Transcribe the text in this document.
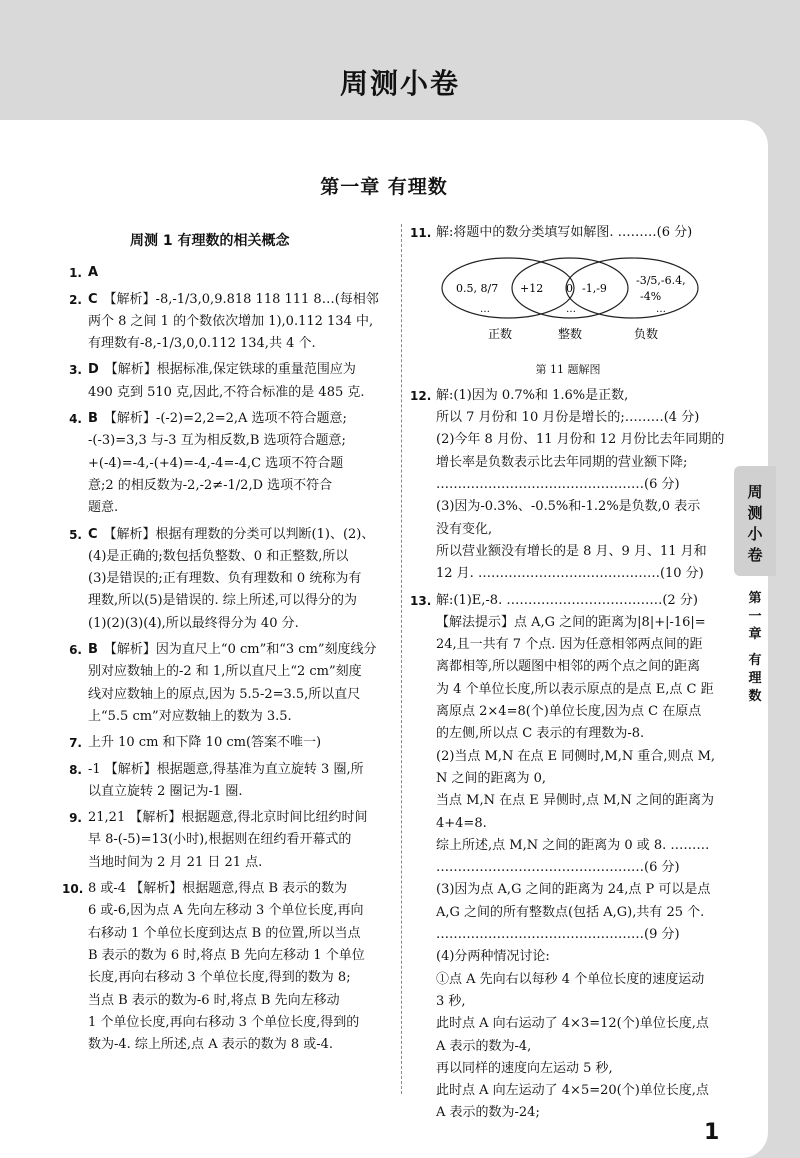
周测小卷
第一章 有理数
周测 1 有理数的相关概念
1. A
2. C 【解析】-8,-1/3,0,9.818 118 111 8…(每相邻

两个 8 之间 1 的个数依次增加 1),0.112 134 中,

有理数有-8,-1/3,0,0.112 134,共 4 个.

3. D 【解析】根据标准,保定铁球的重量范围应为

490 克到 510 克,因此,不符合标准的是 485 克.

4. B 【解析】-(-2)=2,2=2,A 选项不符合题意;

-(-3)=3,3 与-3 互为相反数,B 选项符合题意;

+(-4)=-4,-(+4)=-4,-4=-4,C 选项不符合题

意;2 的相反数为-2,-2≠-1/2,D 选项不符合

题意.

5. C 【解析】根据有理数的分类可以判断(1)、(2)、

(4)是正确的;数包括负整数、0 和正整数,所以

(3)是错误的;正有理数、负有理数和 0 统称为有

理数,所以(5)是错误的. 综上所述,可以得分的为

(1)(2)(3)(4),所以最终得分为 40 分.

6. B 【解析】因为直尺上“0 cm”和“3 cm”刻度线分

别对应数轴上的-2 和 1,所以直尺上“2 cm”刻度

线对应数轴上的原点,因为 5.5-2=3.5,所以直尺

上“5.5 cm”对应数轴上的数为 3.5.

7. 上升 10 cm 和下降 10 cm(答案不唯一)

8. -1 【解析】根据题意,得基准为直立旋转 3 圈,所

以直立旋转 2 圈记为-1 圈.

9. 21,21 【解析】根据题意,得北京时间比纽约时间

早 8-(-5)=13(小时),根据则在纽约看开幕式的

当地时间为 2 月 21 日 21 点.

10. 8 或-4 【解析】根据题意,得点 B 表示的数为

6 或-6,因为点 A 先向左移动 3 个单位长度,再向

右移动 1 个单位长度到达点 B 的位置,所以当点

B 表示的数为 6 时,将点 B 先向左移动 1 个单位

长度,再向右移动 3 个单位长度,得到的数为 8;

当点 B 表示的数为-6 时,将点 B 先向左移动

1 个单位长度,再向右移动 3 个单位长度,得到的

数为-4. 综上所述,点 A 表示的数为 8 或-4.

11. 解:将题中的数分类填写如解图. ………(6 分)

0.5, 8/7 +12 0 -1,-9
-3/5,-6.4,
-4%
…	…	…
正数	整数	负数
第 11 题解图
12. 解:(1)因为 0.7%和 1.6%是正数,

所以 7 月份和 10 月份是增长的;………(4 分)

(2)今年 8 月份、11 月份和 12 月份比去年同期的

增长率是负数表示比去年同期的营业额下降;

…………………………………………(6 分)

(3)因为-0.3%、-0.5%和-1.2%是负数,0 表示

没有变化,

所以营业额没有增长的是 8 月、9 月、11 月和

12 月. ……………………………………(10 分)

13. 解:(1)E,-8. ………………………………(2 分)

【解法提示】点 A,G 之间的距离为|8|+|-16|=

24,且一共有 7 个点. 因为任意相邻两点间的距

离都相等,所以题图中相邻的两个点之间的距离

为 4 个单位长度,所以表示原点的是点 E,点 C 距

离原点 2×4=8(个)单位长度,因为点 C 在原点

的左侧,所以点 C 表示的有理数为-8.

(2)当点 M,N 在点 E 同侧时,M,N 重合,则点 M,

N 之间的距离为 0,

当点 M,N 在点 E 异侧时,点 M,N 之间的距离为

4+4=8.

综上所述,点 M,N 之间的距离为 0 或 8. ………

…………………………………………(6 分)

(3)因为点 A,G 之间的距离为 24,点 P 可以是点

A,G 之间的所有整数点(包括 A,G),共有 25 个.

…………………………………………(9 分)

(4)分两种情况讨论:

①点 A 先向右以每秒 4 个单位长度的速度运动

3 秒,

此时点 A 向右运动了 4×3=12(个)单位长度,点

A 表示的数为-4,

再以同样的速度向左运动 5 秒,

此时点 A 向左运动了 4×5=20(个)单位长度,点

A 表示的数为-24;

1
周测小卷
第一章
有理数
